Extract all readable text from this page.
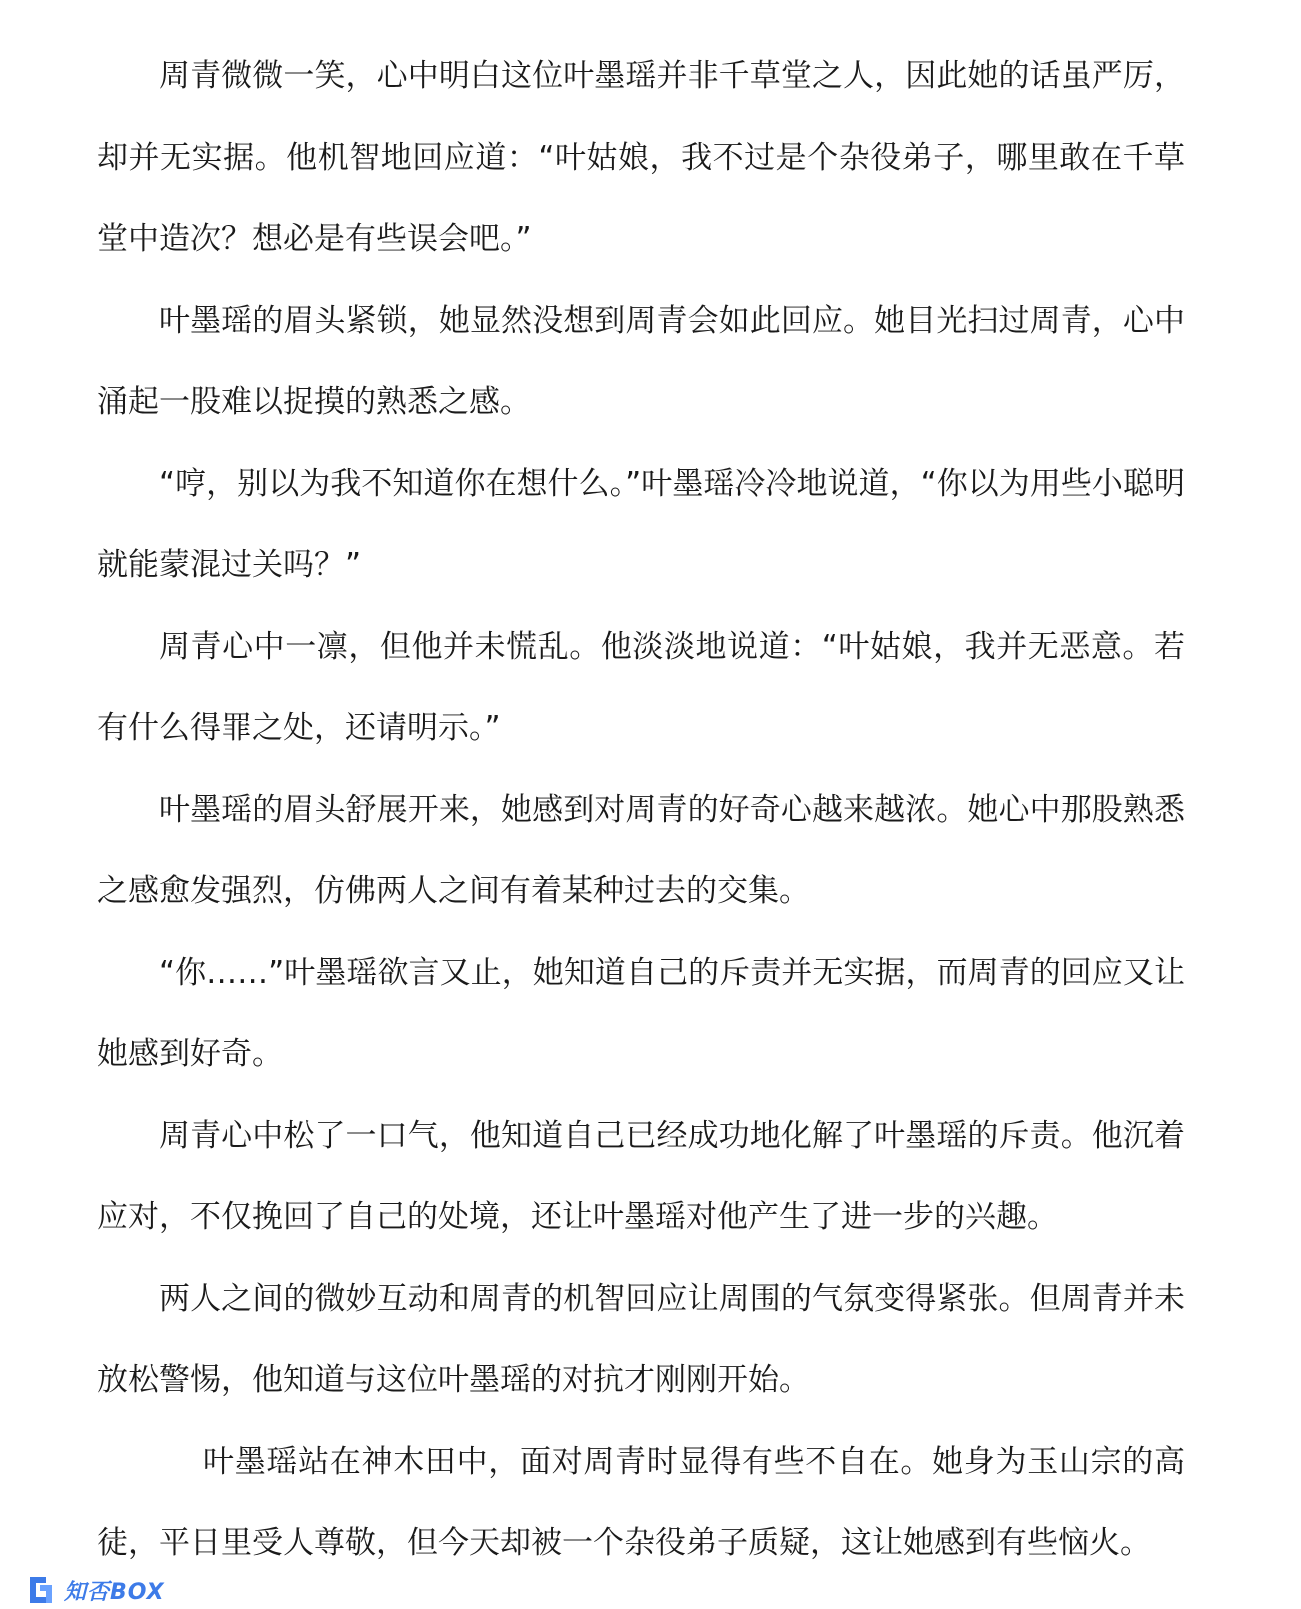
周青微微一笑，心中明白这位叶墨瑶并非千草堂之人，因此她的话虽严厉，却并无实据。他机智地回应道：“叶姑娘，我不过是个杂役弟子，哪里敢在千草堂中造次？想必是有些误会吧。”

叶墨瑶的眉头紧锁，她显然没想到周青会如此回应。她目光扫过周青，心中涌起一股难以捉摸的熟悉之感。

“哼，别以为我不知道你在想什么。”叶墨瑶冷冷地说道，“你以为用些小聪明就能蒙混过关吗？”

周青心中一凛，但他并未慌乱。他淡淡地说道：“叶姑娘，我并无恶意。若有什么得罪之处，还请明示。”

叶墨瑶的眉头舒展开来，她感到对周青的好奇心越来越浓。她心中那股熟悉之感愈发强烈，仿佛两人之间有着某种过去的交集。

“你……”叶墨瑶欲言又止，她知道自己的斥责并无实据，而周青的回应又让她感到好奇。

周青心中松了一口气，他知道自己已经成功地化解了叶墨瑶的斥责。他沉着应对，不仅挽回了自己的处境，还让叶墨瑶对他产生了进一步的兴趣。

两人之间的微妙互动和周青的机智回应让周围的气氛变得紧张。但周青并未放松警惕，他知道与这位叶墨瑶的对抗才刚刚开始。

叶墨瑶站在神木田中，面对周青时显得有些不自在。她身为玉山宗的高徒，平日里受人尊敬，但今天却被一个杂役弟子质疑，这让她感到有些恼火。

知否BOX
